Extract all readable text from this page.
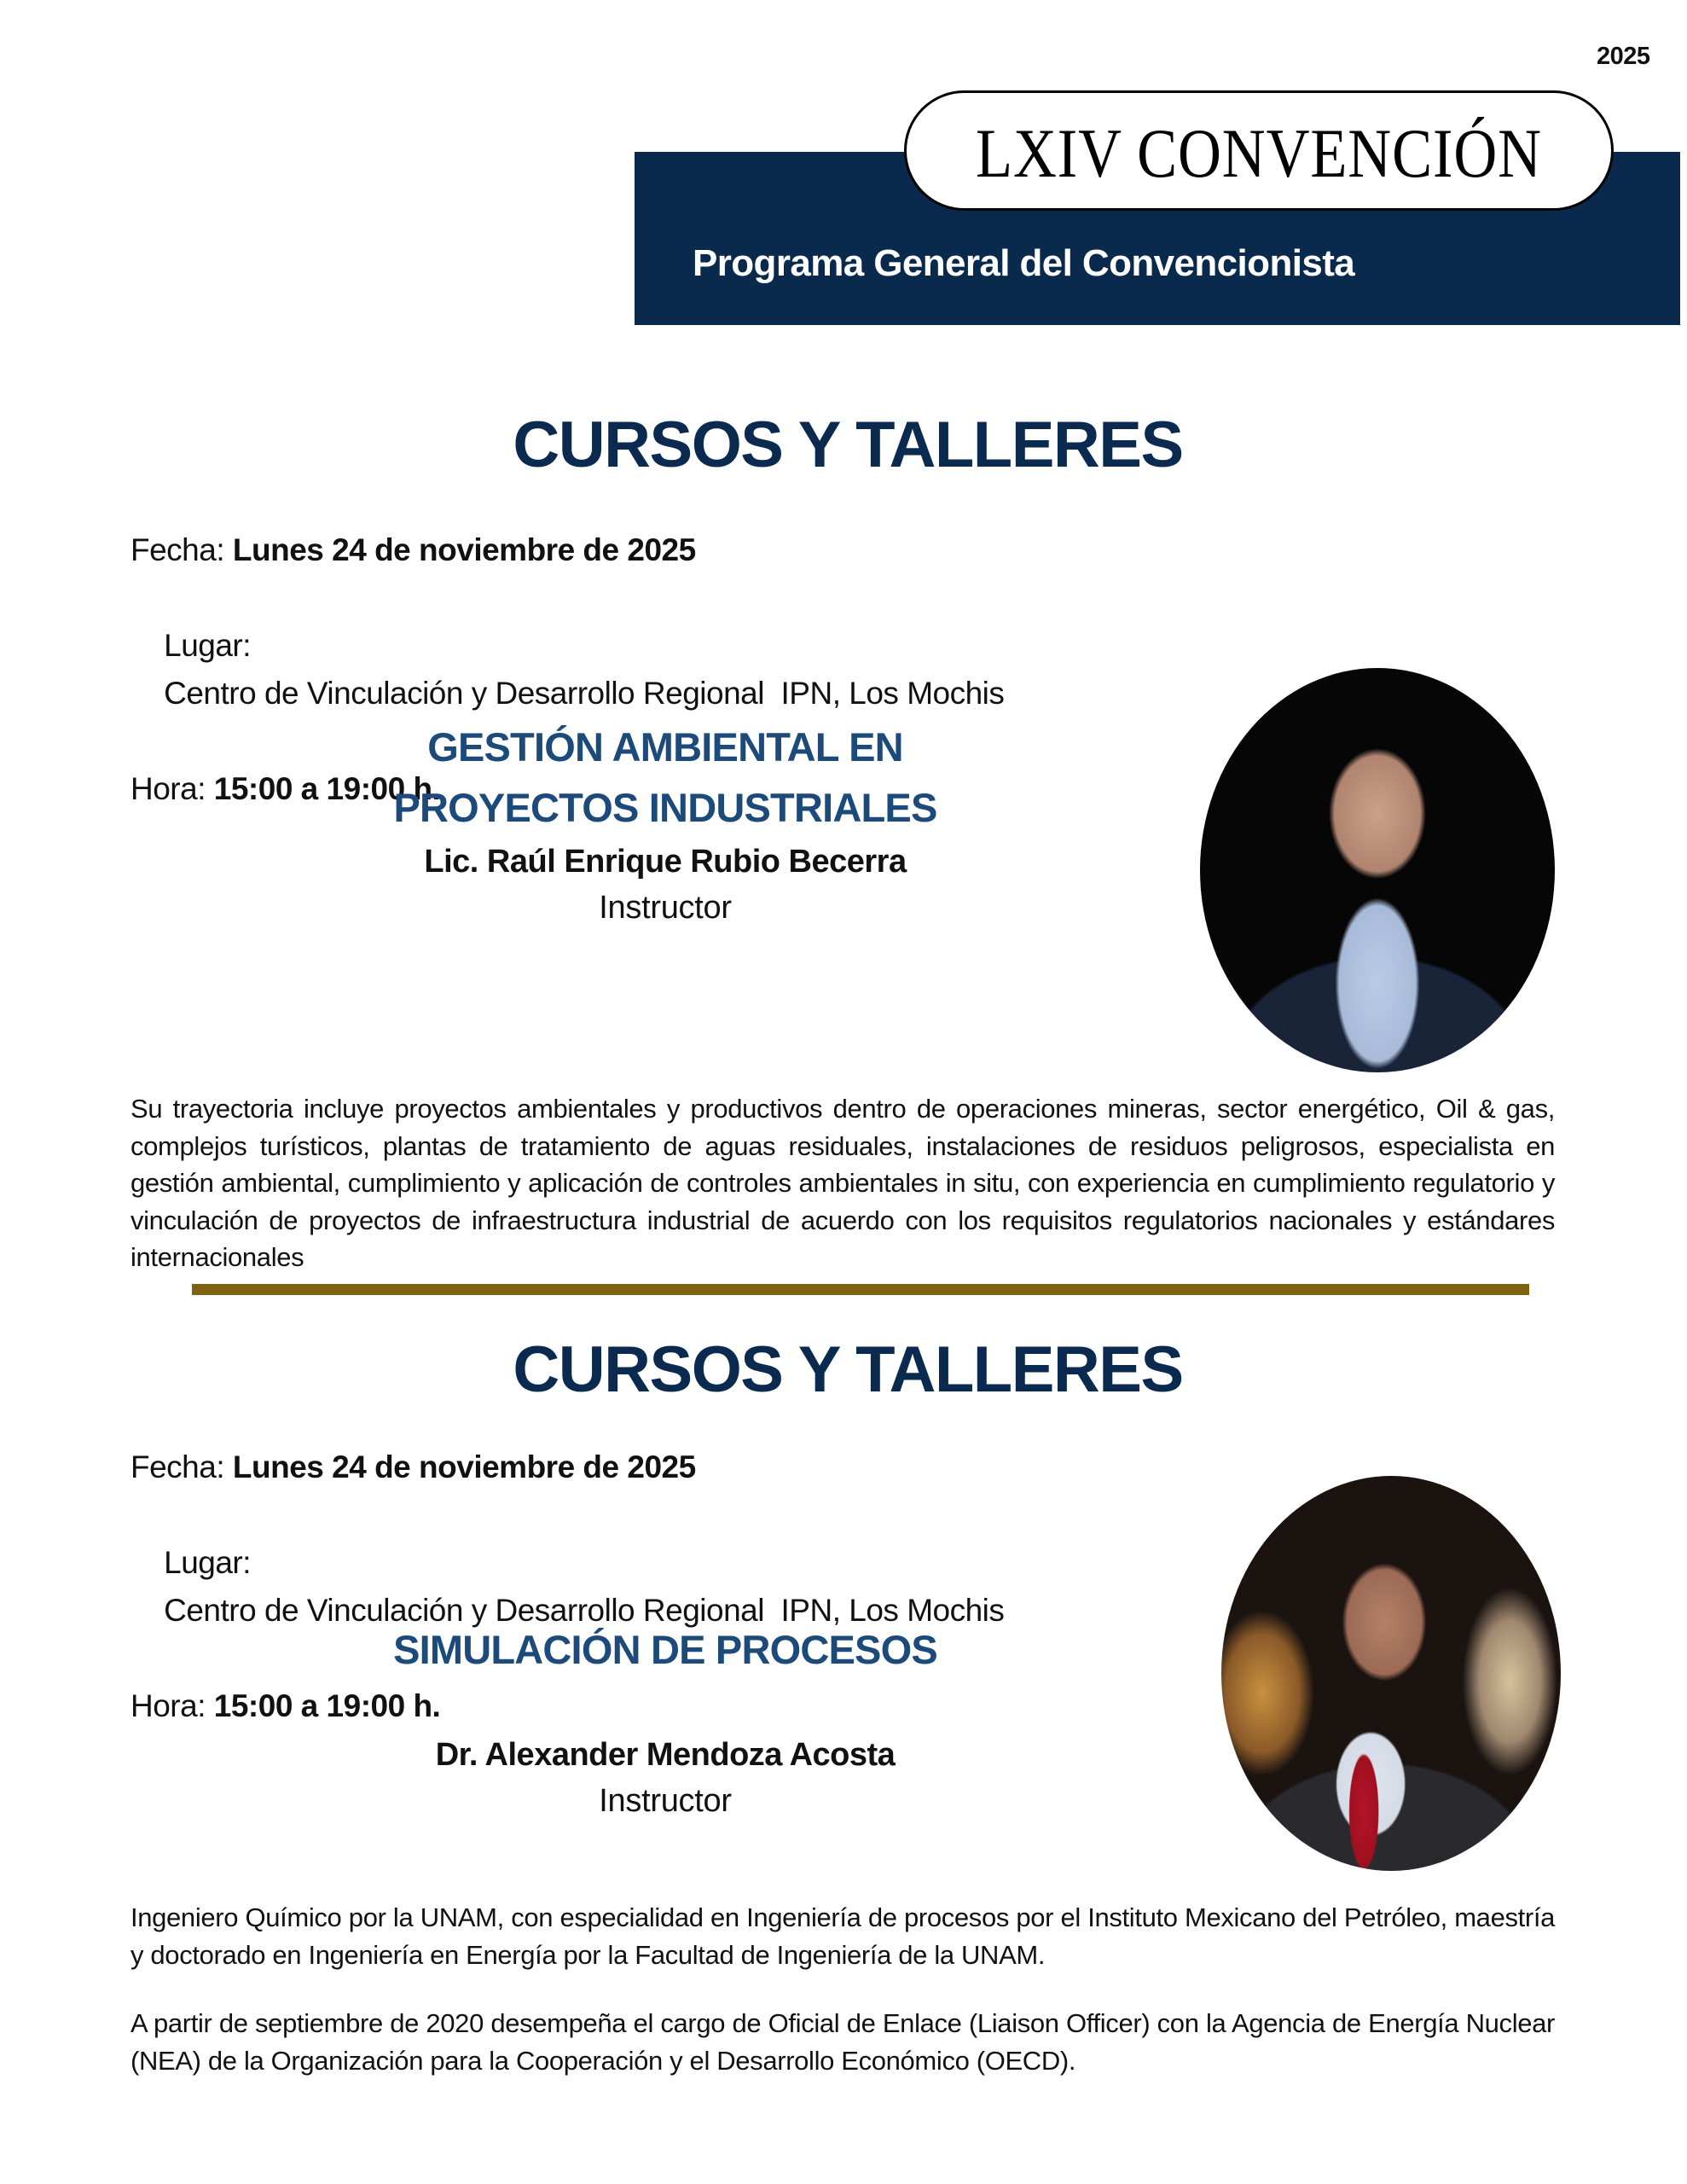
2025
LXIV CONVENCIÓN
Programa General del Convencionista
CURSOS Y TALLERES
Fecha: Lunes 24 de noviembre de 2025

Lugar:
Centro de Vinculación y Desarrollo Regional  IPN, Los Mochis

Hora: 15:00 a 19:00 h.
GESTIÓN AMBIENTAL EN
PROYECTOS INDUSTRIALES
Lic. Raúl Enrique Rubio Becerra
Instructor

Su trayectoria incluye proyectos ambientales y productivos dentro de operaciones mineras, sector energético, Oil & gas, complejos turísticos, plantas de tratamiento de aguas residuales, instalaciones de residuos peligrosos, especialista en gestión ambiental, cumplimiento y aplicación de controles ambientales in situ, con experiencia en cumplimiento regulatorio y vinculación de proyectos de infraestructura industrial de acuerdo con los requisitos regulatorios nacionales y estándares internacionales

CURSOS Y TALLERES
Fecha: Lunes 24 de noviembre de 2025

Lugar:
Centro de Vinculación y Desarrollo Regional  IPN, Los Mochis

Hora: 15:00 a 19:00 h.
SIMULACIÓN DE PROCESOS
Dr. Alexander Mendoza Acosta
Instructor

Ingeniero Químico por la UNAM, con especialidad en Ingeniería de procesos por el Instituto Mexicano del Petróleo, maestría y doctorado en Ingeniería en Energía por la Facultad de Ingeniería de la UNAM.

A partir de septiembre de 2020 desempeña el cargo de Oficial de Enlace (Liaison Officer) con la Agencia de Energía Nuclear (NEA) de la Organización para la Cooperación y el Desarrollo Económico (OECD).
